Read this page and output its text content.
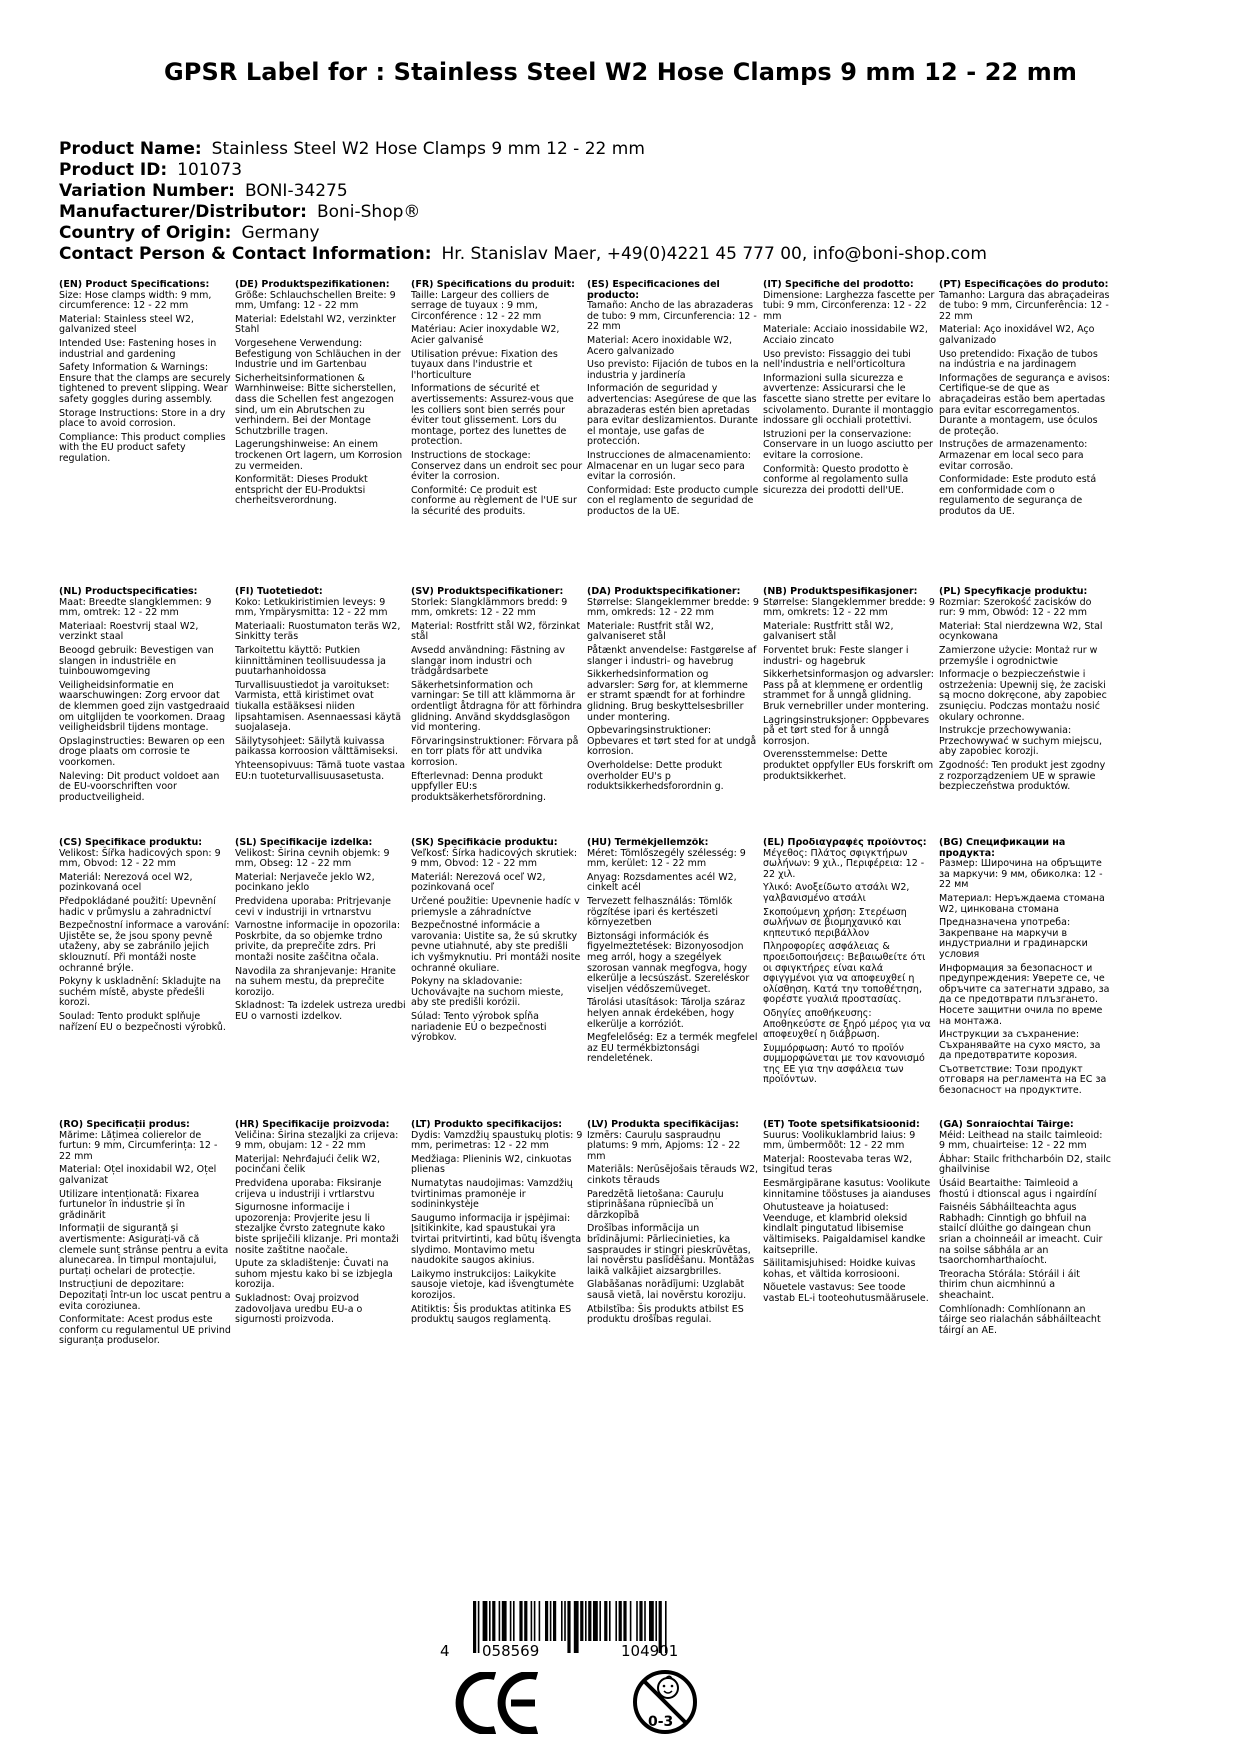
GPSR Label for : Stainless Steel W2 Hose Clamps 9 mm 12 - 22 mm
Product Name: Stainless Steel W2 Hose Clamps 9 mm 12 - 22 mm
Product ID: 101073
Variation Number: BONI-34275
Manufacturer/Distributor: Boni-Shop®
Country of Origin: Germany
Contact Person & Contact Information: Hr. Stanislav Maer, +49(0)4221 45 777 00, info@boni-shop.com
(EN) Product Specifications:
Size: Hose clamps width: 9 mm, circumference: 12 - 22 mm
Material: Stainless steel W2, galvanized steel
Intended Use: Fastening hoses in industrial and gardening
Safety Information & Warnings: Ensure that the clamps are securely tightened to prevent slipping. Wear safety goggles during assembly.
Storage Instructions: Store in a dry place to avoid corrosion.
Compliance: This product complies with the EU product safety regulation.
(DE) Produktspezifikationen:
Größe: Schlauchschellen Breite: 9 mm, Umfang: 12 - 22 mm
Material: Edelstahl W2, verzinkter Stahl
Vorgesehene Verwendung: Befestigung von Schläuchen in der Industrie und im Gartenbau
Sicherheitsinformationen & Warnhinweise: Bitte sicherstellen, dass die Schellen fest angezogen sind, um ein Abrutschen zu verhindern. Bei der Montage Schutzbrille tragen.
Lagerungshinweise: An einem trockenen Ort lagern, um Korrosion zu vermeiden.
Konformität: Dieses Produkt entspricht der EU-Produktsi cherheitsverordnung.
(FR) Spécifications du produit:
Taille: Largeur des colliers de serrage de tuyaux : 9 mm, Circonférence : 12 - 22 mm
Matériau: Acier inoxydable W2, Acier galvanisé
Utilisation prévue: Fixation des tuyaux dans l'industrie et l'horticulture
Informations de sécurité et avertissements: Assurez-vous que les colliers sont bien serrés pour éviter tout glissement. Lors du montage, portez des lunettes de protection.
Instructions de stockage: Conservez dans un endroit sec pour éviter la corrosion.
Conformité: Ce produit est conforme au règlement de l'UE sur la sécurité des produits.
(ES) Especificaciones del producto:
Tamaño: Ancho de las abrazaderas de tubo: 9 mm, Circunferencia: 12 - 22 mm
Material: Acero inoxidable W2, Acero galvanizado
Uso previsto: Fijación de tubos en la industria y jardinería
Información de seguridad y advertencias: Asegúrese de que las abrazaderas estén bien apretadas para evitar deslizamientos. Durante el montaje, use gafas de protección.
Instrucciones de almacenamiento: Almacenar en un lugar seco para evitar la corrosión.
Conformidad: Este producto cumple con el reglamento de seguridad de productos de la UE.
(IT) Specifiche del prodotto:
Dimensione: Larghezza fascette per tubi: 9 mm, Circonferenza: 12 - 22 mm
Materiale: Acciaio inossidabile W2, Acciaio zincato
Uso previsto: Fissaggio dei tubi nell'industria e nell'orticoltura
Informazioni sulla sicurezza e avvertenze: Assicurarsi che le fascette siano strette per evitare lo scivolamento. Durante il montaggio indossare gli occhiali protettivi.
Istruzioni per la conservazione: Conservare in un luogo asciutto per evitare la corrosione.
Conformità: Questo prodotto è conforme al regolamento sulla sicurezza dei prodotti dell'UE.
(PT) Especificações do produto:
Tamanho: Largura das abraçadeiras de tubo: 9 mm, Circunferência: 12 - 22 mm
Material: Aço inoxidável W2, Aço galvanizado
Uso pretendido: Fixação de tubos na indústria e na jardinagem
Informações de segurança e avisos: Certifique-se de que as abraçadeiras estão bem apertadas para evitar escorregamentos. Durante a montagem, use óculos de proteção.
Instruções de armazenamento: Armazenar em local seco para evitar corrosão.
Conformidade: Este produto está em conformidade com o regulamento de segurança de produtos da UE.
(NL) Productspecificaties:
Maat: Breedte slangklemmen: 9 mm, omtrek: 12 - 22 mm
Materiaal: Roestvrij staal W2, verzinkt staal
Beoogd gebruik: Bevestigen van slangen in industriële en tuinbouwomgeving
Veiligheidsinformatie en waarschuwingen: Zorg ervoor dat de klemmen goed zijn vastgedraaid om uitglijden te voorkomen. Draag veiligheidsbril tijdens montage.
Opslaginstructies: Bewaren op een droge plaats om corrosie te voorkomen.
Naleving: Dit product voldoet aan de EU-voorschriften voor productveiligheid.
(FI) Tuotetiedot:
Koko: Letkukiristimien leveys: 9 mm, Ympärysmitta: 12 - 22 mm
Materiaali: Ruostumaton teräs W2, Sinkitty teräs
Tarkoitettu käyttö: Putkien kiinnittäminen teollisuudessa ja puutarhanhoidossa
Turvallisuustiedot ja varoitukset: Varmista, että kiristimet ovat tiukalla estääksesi niiden lipsahtamisen. Asennaessasi käytä suojalaseja.
Säilytysohjeet: Säilytä kuivassa paikassa korroosion välttämiseksi.
Yhteensopivuus: Tämä tuote vastaa EU:n tuoteturvallisuusasetusta.
(SV) Produktspecifikationer:
Storlek: Slangklämmors bredd: 9 mm, omkrets: 12 - 22 mm
Material: Rostfritt stål W2, förzinkat stål
Avsedd användning: Fästning av slangar inom industri och trädgårdsarbete
Säkerhetsinformation och varningar: Se till att klämmorna är ordentligt åtdragna för att förhindra glidning. Använd skyddsglasögon vid montering.
Förvaringsinstruktioner: Förvara på en torr plats för att undvika korrosion.
Efterlevnad: Denna produkt uppfyller EU:s produktsäkerhetsförordning.
(DA) Produktspecifikationer:
Størrelse: Slangeklemmer bredde: 9 mm, omkreds: 12 - 22 mm
Materiale: Rustfrit stål W2, galvaniseret stål
Påtænkt anvendelse: Fastgørelse af slanger i industri- og havebrug
Sikkerhedsinformation og advarsler: Sørg for, at klemmerne er stramt spændt for at forhindre glidning. Brug beskyttelsesbriller under montering.
Opbevaringsinstruktioner: Opbevares et tørt sted for at undgå korrosion.
Overholdelse: Dette produkt overholder EU's p roduktsikkerhedsforordnin g.
(NB) Produktspesifikasjoner:
Størrelse: Slangeklemmer bredde: 9 mm, omkrets: 12 - 22 mm
Materiale: Rustfritt stål W2, galvanisert stål
Forventet bruk: Feste slanger i industri- og hagebruk
Sikkerhetsinformasjon og advarsler: Pass på at klemmene er ordentlig strammet for å unngå glidning. Bruk vernebriller under montering.
Lagringsinstruksjoner: Oppbevares på et tørt sted for å unngå korrosjon.
Overensstemmelse: Dette produktet oppfyller EUs forskrift om produktsikkerhet.
(PL) Specyfikacje produktu:
Rozmiar: Szerokość zacisków do rur: 9 mm, Obwód: 12 - 22 mm
Materiał: Stal nierdzewna W2, Stal ocynkowana
Zamierzone użycie: Montaż rur w przemyśle i ogrodnictwie
Informacje o bezpieczeństwie i ostrzeżenia: Upewnij się, że zaciski są mocno dokręcone, aby zapobiec zsunięciu. Podczas montażu nosić okulary ochronne.
Instrukcje przechowywania: Przechowywać w suchym miejscu, aby zapobiec korozji.
Zgodność: Ten produkt jest zgodny z rozporządzeniem UE w sprawie bezpieczeństwa produktów.
(CS) Specifikace produktu:
Velikost: Šířka hadicových spon: 9 mm, Obvod: 12 - 22 mm
Materiál: Nerezová ocel W2, pozinkovaná ocel
Předpokládané použití: Upevnění hadic v průmyslu a zahradnictví
Bezpečnostní informace a varování: Ujistěte se, že jsou spony pevně utaženy, aby se zabránilo jejich sklouznutí. Při montáži noste ochranné brýle.
Pokyny k uskladnění: Skladujte na suchém místě, abyste předešli korozi.
Soulad: Tento produkt splňuje nařízení EU o bezpečnosti výrobků.
(SL) Specifikacije izdelka:
Velikost: Širina cevnih objemk: 9 mm, Obseg: 12 - 22 mm
Material: Nerjaveče jeklo W2, pocinkano jeklo
Predvidena uporaba: Pritrjevanje cevi v industriji in vrtnarstvu
Varnostne informacije in opozorila: Poskrbite, da so objemke trdno privite, da preprečite zdrs. Pri montaži nosite zaščitna očala.
Navodila za shranjevanje: Hranite na suhem mestu, da preprečite korozijo.
Skladnost: Ta izdelek ustreza uredbi EU o varnosti izdelkov.
(SK) Špecifikácie produktu:
Veľkosť: Šírka hadicových skrutiek: 9 mm, Obvod: 12 - 22 mm
Materiál: Nerezová oceľ W2, pozinkovaná oceľ
Určené použitie: Upevnenie hadíc v priemysle a záhradníctve
Bezpečnostné informácie a varovania: Uistite sa, že sú skrutky pevne utiahnuté, aby ste predišli ich vyšmyknutiu. Pri montáži nosite ochranné okuliare.
Pokyny na skladovanie: Uchovávajte na suchom mieste, aby ste predišli korózii.
Súlad: Tento výrobok spĺňa nariadenie EÚ o bezpečnosti výrobkov.
(HU) Termékjellemzők:
Méret: Tömlőszegély szélesség: 9 mm, kerület: 12 - 22 mm
Anyag: Rozsdamentes acél W2, cinkelt acél
Tervezett felhasználás: Tömlők rögzítése ipari és kertészeti környezetben
Biztonsági információk és figyelmeztetések: Bizonyosodjon meg arról, hogy a szegélyek szorosan vannak megfogva, hogy elkerülje a lecsúszást. Szereléskor viseljen védőszemüveget.
Tárolási utasítások: Tárolja száraz helyen annak érdekében, hogy elkerülje a korróziót.
Megfelelőség: Ez a termék megfelel az EU termékbiztonsági rendeletének.
(EL) Προδιαγραφές προϊόντος:
Μέγεθος: Πλάτος σφιγκτήρων σωλήνων: 9 χιλ., Περιφέρεια: 12 - 22 χιλ.
Υλικό: Ανοξείδωτο ατσάλι W2, γαλβανισμένο ατσάλι
Σκοπούμενη χρήση: Στερέωση σωλήνων σε βιομηχανικό και κηπευτικό περιβάλλον
Πληροφορίες ασφάλειας & προειδοποιήσεις: Βεβαιωθείτε ότι οι σφιγκτήρες είναι καλά σφιγγμένοι για να αποφευχθεί η ολίσθηση. Κατά την τοποθέτηση, φορέστε γυαλιά προστασίας.
Οδηγίες αποθήκευσης: Αποθηκεύστε σε ξηρό μέρος για να αποφευχθεί η διάβρωση.
Συμμόρφωση: Αυτό το προϊόν συμμορφώνεται με τον κανονισμό της ΕΕ για την ασφάλεια των προϊόντων.
(BG) Спецификации на продукта:
Размер: Широчина на обръщите за маркучи: 9 мм, обиколка: 12 - 22 мм
Материал: Неръждаема стомана W2, цинкована стомана
Предназначена употреба: Закрепване на маркучи в индустриални и градинарски условия
Информация за безопасност и предупреждения: Уверете се, че обръчите са затегнати здраво, за да се предотврати плъзгането. Носете защитни очила по време на монтажа.
Инструкции за съхранение: Съхранявайте на сухо място, за да предотвратите корозия.
Съответствие: Този продукт отговаря на регламента на ЕС за безопасност на продуктите.
(RO) Specificații produs:
Mărime: Lățimea colierelor de furtun: 9 mm, Circumferința: 12 - 22 mm
Material: Oțel inoxidabil W2, Oțel galvanizat
Utilizare intenționată: Fixarea furtunelor în industrie și în grădinărit
Informații de siguranță și avertismente: Asigurați-vă că clemele sunt strânse pentru a evita alunecarea. În timpul montajului, purtați ochelari de protecție.
Instrucțiuni de depozitare: Depozitați într-un loc uscat pentru a evita coroziunea.
Conformitate: Acest produs este conform cu regulamentul UE privind siguranța produselor.
(HR) Specifikacije proizvoda:
Veličina: Širina stezaljki za crijeva: 9 mm, obujam: 12 - 22 mm
Materijal: Nehrđajući čelik W2, pocinčani čelik
Predviđena uporaba: Fiksiranje crijeva u industriji i vrtlarstvu
Sigurnosne informacije i upozorenja: Provjerite jesu li stezaljke čvrsto zategnute kako biste spriječili klizanje. Pri montaži nosite zaštitne naočale.
Upute za skladištenje: Čuvati na suhom mjestu kako bi se izbjegla korozija.
Sukladnost: Ovaj proizvod zadovoljava uredbu EU-a o sigurnosti proizvoda.
(LT) Produkto specifikacijos:
Dydis: Vamzdžių spaustukų plotis: 9 mm, perimetras: 12 - 22 mm
Medžiaga: Plieninis W2, cinkuotas plienas
Numatytas naudojimas: Vamzdžių tvirtinimas pramonėje ir sodininkystėje
Saugumo informacija ir įspėjimai: Įsitikinkite, kad spaustukai yra tvirtai pritvirtinti, kad būtų išvengta slydimo. Montavimo metu naudokite saugos akinius.
Laikymo instrukcijos: Laikykite sausoje vietoje, kad išvengtumėte korozijos.
Atitiktis: Šis produktas atitinka ES produktų saugos reglamentą.
(LV) Produkta specifikācijas:
Izmērs: Cauruļu saspraudņu platums: 9 mm, Apjoms: 12 - 22 mm
Materiāls: Nerūsējošais tērauds W2, cinkots tērauds
Paredzētā lietošana: Cauruļu stiprināšana rūpniecībā un dārzkopībā
Drošības informācija un brīdinājumi: Pārliecinieties, ka saspraudes ir stingri pieskrūvētas, lai novērstu paslīdēšanu. Montāžas laikā valkājiet aizsargbrilles.
Glabāšanas norādījumi: Uzglabāt sausā vietā, lai novērstu koroziju.
Atbilstība: Šis produkts atbilst ES produktu drošības regulai.
(ET) Toote spetsifikatsioonid:
Suurus: Voolikuklambrid laius: 9 mm, ümbermõõt: 12 - 22 mm
Materjal: Roostevaba teras W2, tsingitud teras
Eesmärgipärane kasutus: Voolikute kinnitamine tööstuses ja aianduses
Ohutusteave ja hoiatused: Veenduge, et klambrid oleksid kindlalt pingutatud libisemise vältimiseks. Paigaldamisel kandke kaitseprille.
Säilitamisjuhised: Hoidke kuivas kohas, et vältida korrosiooni.
Nõuetele vastavus: See toode vastab EL-i tooteohutusmäärusele.
(GA) Sonraíochtaí Táirge:
Méid: Leithead na stailc taimleoid: 9 mm, chuairteise: 12 - 22 mm
Ábhar: Stailc frithcharbóin D2, stailc ghailvinise
Úsáid Beartaithe: Taimleoid a fhostú i dtionscal agus i ngairdíní
Faisnéis Sábháilteachta agus Rabhadh: Cinntigh go bhfuil na stailcí dlúithe go daingean chun srian a choinneáil ar imeacht. Cuir na soilse sábhála ar an tsaorchomharthaíocht.
Treoracha Stórála: Stóráil i áit thirim chun aicmhinnú a sheachaint.
Comhlíonadh: Comhlíonann an táirge seo rialachán sábháilteacht táirgí an AE.
4 058569	104901
0-3
